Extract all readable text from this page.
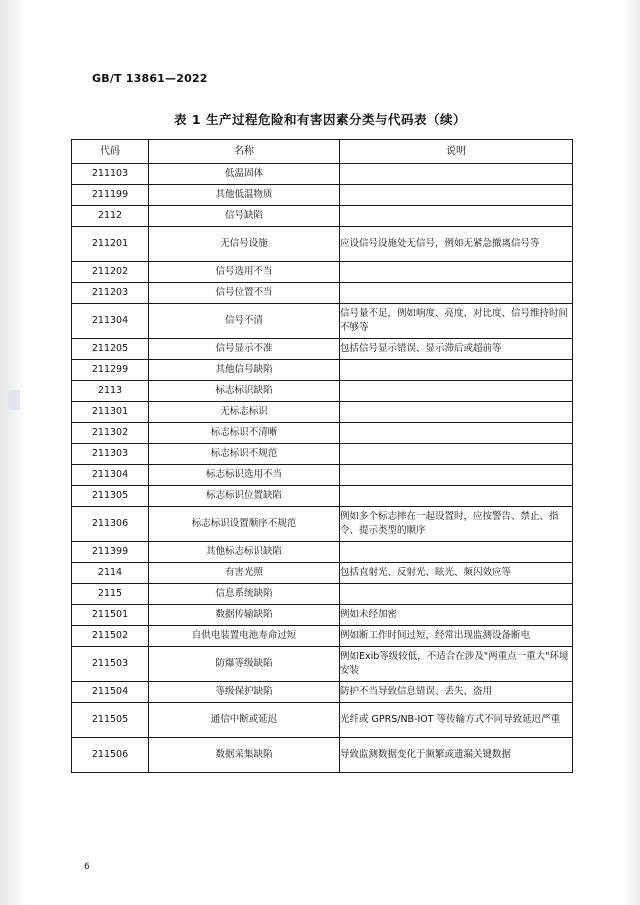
GB/T 13861—2022
表 1 生产过程危险和有害因素分类与代码表（续）
代码	名称	说明
211103	低温固体	
211199	其他低温物质	
2112	信号缺陷	
211201	无信号设施	应设信号设施处无信号，例如无紧急撤离信号等
211202	信号选用不当	
211203	信号位置不当	
211304	信号不清	信号量不足，例如响度、亮度、对比度、信号维持时间不够等
211205	信号显示不准	包括信号显示错误、显示滞后或超前等
211299	其他信号缺陷	
2113	标志标识缺陷	
211301	无标志标识	
211302	标志标识不清晰	
211303	标志标识不规范	
211304	标志标识选用不当	
211305	标志标识位置缺陷	
211306	标志标识设置顺序不规范	例如多个标志摔在一起设置时，应按警告、禁止、指令、提示类型的顺序
211399	其他标志标识缺陷	
2114	有害光照	包括直射光、反射光、眩光、频闪效应等
2115	信息系统缺陷	
211501	数据传输缺陷	例如未经加密
211502	自供电装置电池寿命过短	例如断工作时间过短，经常出现监测设备断电
211503	防爆等级缺陷	例如Exib等级较低，不适合在涉及"两重点一重大"环境安装
211504	等级保护缺陷	防护不当导致信息错误、丢失、盗用
211505	通信中断或延迟	光纤或 GPRS/NB-IOT 等传输方式不同导致延迟严重
211506	数据采集缺陷	导致监测数据变化于频繁或遗漏关键数据
6
